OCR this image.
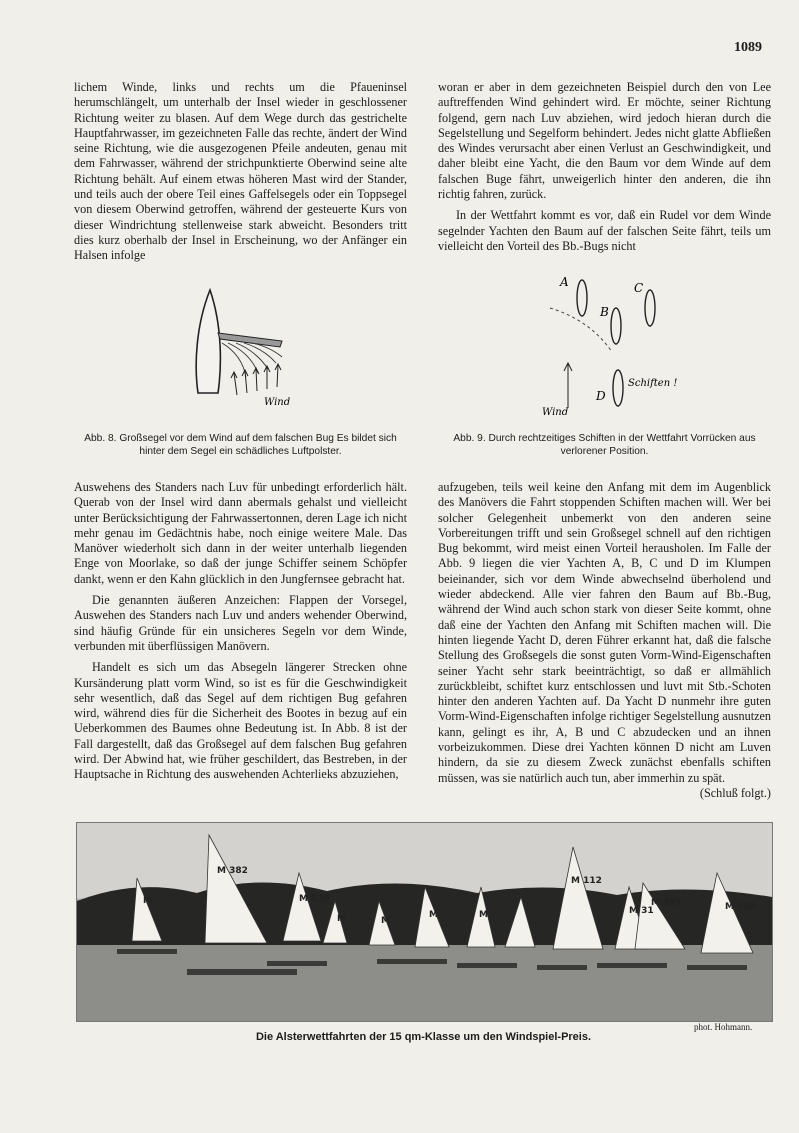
1089

lichem Winde, links und rechts um die Pfaueninsel herumschlängelt, um unterhalb der Insel wieder in geschlossener Richtung weiter zu blasen. Auf dem Wege durch das gestrichelte Hauptfahrwasser, im gezeichneten Falle das rechte, ändert der Wind seine Richtung, wie die ausgezogenen Pfeile andeuten, genau mit dem Fahrwasser, während der strichpunktierte Oberwind seine alte Richtung behält. Auf einem etwas höheren Mast wird der Stander, und teils auch der obere Teil eines Gaffelsegels oder ein Toppsegel von diesem Oberwind getroffen, während der gesteuerte Kurs von dieser Windrichtung stellenweise stark abweicht. Besonders tritt dies kurz oberhalb der Insel in Erscheinung, wo der Anfänger ein Halsen infolge

woran er aber in dem gezeichneten Beispiel durch den von Lee auftreffenden Wind gehindert wird. Er möchte, seiner Richtung folgend, gern nach Luv abziehen, wird jedoch hieran durch die Segelstellung und Segelform behindert. Jedes nicht glatte Abfließen des Windes verursacht aber einen Verlust an Geschwindigkeit, und daher bleibt eine Yacht, die den Baum vor dem Winde auf dem falschen Buge fährt, unweigerlich hinter den anderen, die ihn richtig fahren, zurück.

In der Wettfahrt kommt es vor, daß ein Rudel vor dem Winde segelnder Yachten den Baum auf der falschen Seite fährt, teils um vielleicht den Vorteil des Bb.-Bugs nicht

Wind
A
B
C
D
Schiften !
Wind
Abb. 8. Großsegel vor dem Wind auf dem falschen Bug Es bildet sich hinter dem Segel ein schädliches Luftpolster.
Abb. 9. Durch rechtzeitiges Schiften in der Wettfahrt Vorrücken aus verlorener Position.

Auswehens des Standers nach Luv für unbedingt erforderlich hält. Querab von der Insel wird dann abermals gehalst und vielleicht unter Berücksichtigung der Fahrwassertonnen, deren Lage ich nicht mehr genau im Gedächtnis habe, noch einige weitere Male. Das Manöver wiederholt sich dann in der weiter unterhalb liegenden Enge von Moorlake, so daß der junge Schiffer seinem Schöpfer dankt, wenn er den Kahn glücklich in den Jungfernsee gebracht hat.

Die genannten äußeren Anzeichen: Flappen der Vorsegel, Auswehen des Standers nach Luv und anders wehender Oberwind, sind häufig Gründe für ein unsicheres Segeln vor dem Winde, verbunden mit überflüssigen Manövern.

Handelt es sich um das Absegeln längerer Strecken ohne Kursänderung platt vorm Wind, so ist es für die Geschwindigkeit sehr wesentlich, daß das Segel auf dem richtigen Bug gefahren wird, während dies für die Sicherheit des Bootes in bezug auf ein Ueberkommen des Baumes ohne Bedeutung ist. In Abb. 8 ist der Fall dargestellt, daß das Großsegel auf dem falschen Bug gefahren wird. Der Abwind hat, wie früher geschildert, das Bestreben, in der Hauptsache in Richtung des auswehenden Achterlieks abzuziehen,

aufzugeben, teils weil keine den Anfang mit dem im Augenblick des Manövers die Fahrt stoppenden Schiften machen will. Wer bei solcher Gelegenheit unbemerkt von den anderen seine Vorbereitungen trifft und sein Großsegel schnell auf den richtigen Bug bekommt, wird meist einen Vorteil herausholen. Im Falle der Abb. 9 liegen die vier Yachten A, B, C und D im Klumpen beieinander, sich vor dem Winde abwechselnd überholend und wieder abdeckend. Alle vier fahren den Baum auf Bb.-Bug, während der Wind auch schon stark von dieser Seite kommt, ohne daß eine der Yachten den Anfang mit Schiften machen will. Die hinten liegende Yacht D, deren Führer erkannt hat, daß die falsche Stellung des Großsegels die sonst guten Vorm-Wind-Eigenschaften seiner Yacht sehr stark beeinträchtigt, so daß er allmählich zurückbleibt, schiftet kurz entschlossen und luvt mit Stb.-Schoten hinter den anderen Yachten auf. Da Yacht D nunmehr ihre guten Vorm-Wind-Eigenschaften infolge richtiger Segelstellung ausnutzen kann, gelingt es ihr, A, B und C abzudecken und an ihnen vorbeizukommen. Diese drei Yachten können D nicht am Luven hindern, da sie zu diesem Zweck zunächst ebenfalls schiften müssen, was sie natürlich auch tun, aber immerhin zu spät.

(Schluß folgt.)

M
M 382
M 528
M	M
M	M
M 112
M 31
M 391	M 308
phot. Hohmann.
Die Alsterwettfahrten der 15 qm-Klasse um den Windspiel-Preis.
